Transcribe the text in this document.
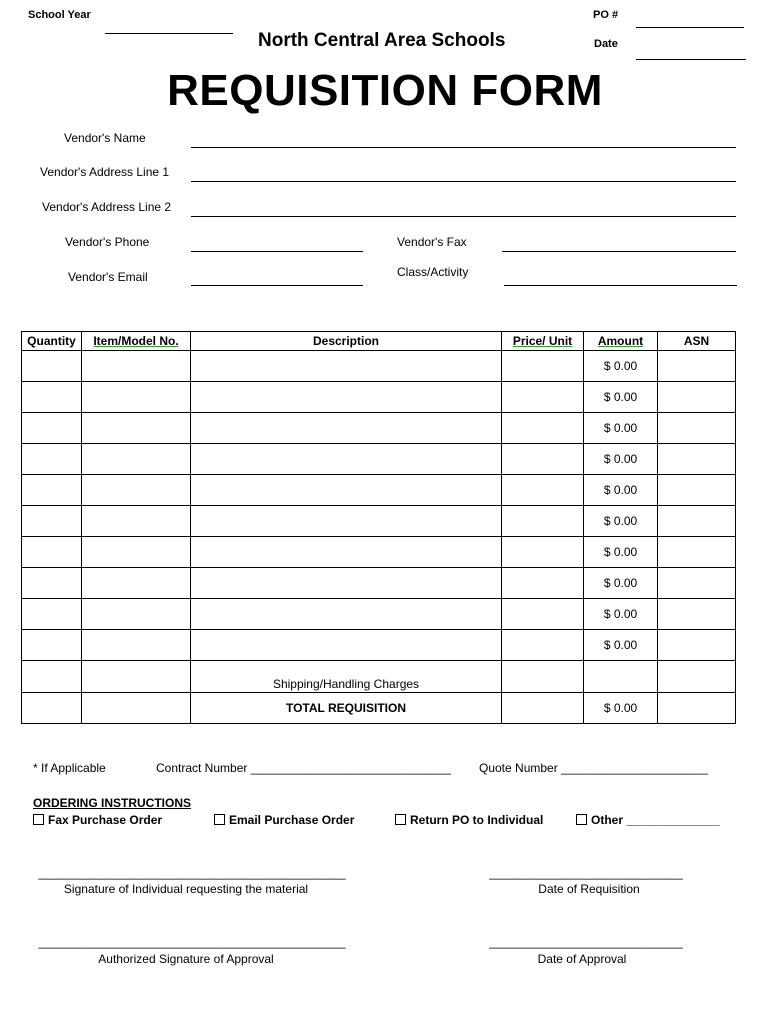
School Year	PO #
Date
North Central Area Schools
REQUISITION FORM
Vendor's Name
Vendor's Address Line 1
Vendor's Address Line 2
Vendor's Phone	Vendor's Fax
Vendor's Email	Class/Activity
Quantity	Item/Model No.	Description	Price/ Unit	Amount	ASN
				$ 0.00	
				$ 0.00	
				$ 0.00	
				$ 0.00	
				$ 0.00	
				$ 0.00	
				$ 0.00	
				$ 0.00	
				$ 0.00	
				$ 0.00	
		Shipping/Handling Charges			
		TOTAL REQUISITION		$ 0.00	
* If Applicable	Contract Number ______________________________ Quote Number ______________________
ORDERING INSTRUCTIONS
Fax Purchase Order	Email Purchase Order	Return PO to Individual	Other ______________
______________________________________________
Signature of Individual requesting the material
_____________________________
Date of Requisition
______________________________________________
Authorized Signature of Approval
_____________________________
Date of Approval
